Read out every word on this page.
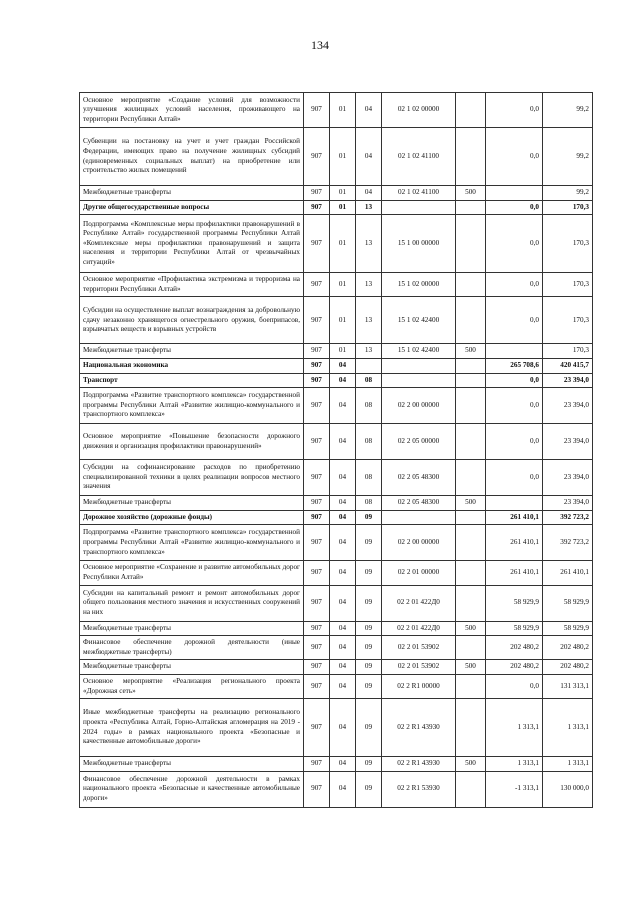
134
Основное мероприятие «Создание условий для возможности улучшения жилищных условий населения, проживающего на территории Республики Алтай»	907	01	04	02 1 02 00000		0,0	99,2
Субвенции на постановку на учет и учет граждан Российской Федерации, имеющих право на получение жилищных субсидий (единовременных социальных выплат) на приобретение или строительство жилых помещений	907	01	04	02 1 02 41100		0,0	99,2
Межбюджетные трансферты	907	01	04	02 1 02 41100	500		99,2
Другие общегосударственные вопросы	907	01	13			0,0	170,3
Подпрограмма «Комплексные меры профилактики правонарушений в Республике Алтай» государственной программы Республики Алтай «Комплексные меры профилактики правонарушений и защита населения и территории Республики Алтай от чрезвычайных ситуаций»	907	01	13	15 1 00 00000		0,0	170,3
Основное мероприятие «Профилактика экстремизма и терроризма на территории Республики Алтай»	907	01	13	15 1 02 00000		0,0	170,3
Субсидии на осуществление выплат вознаграждения за добровольную сдачу незаконно хранящегося огнестрельного оружия, боеприпасов, взрывчатых веществ и взрывных устройств	907	01	13	15 1 02 42400		0,0	170,3
Межбюджетные трансферты	907	01	13	15 1 02 42400	500		170,3
Национальная экономика	907	04				265 708,6	420 415,7
Транспорт	907	04	08			0,0	23 394,0
Подпрограмма «Развитие транспортного комплекса» государственной программы Республики Алтай «Развитие жилищно-коммунального и транспортного комплекса»	907	04	08	02 2 00 00000		0,0	23 394,0
Основное мероприятие «Повышение безопасности дорожного движения и организация профилактики правонарушений»	907	04	08	02 2 05 00000		0,0	23 394,0
Субсидии на софинансирование расходов по приобретению специализированной техники в целях реализации вопросов местного значения	907	04	08	02 2 05 48300		0,0	23 394,0
Межбюджетные трансферты	907	04	08	02 2 05 48300	500		23 394,0
Дорожное хозяйство (дорожные фонды)	907	04	09			261 410,1	392 723,2
Подпрограмма «Развитие транспортного комплекса» государственной программы Республики Алтай «Развитие жилищно-коммунального и транспортного комплекса»	907	04	09	02 2 00 00000		261 410,1	392 723,2
Основное мероприятие «Сохранение и развитие автомобильных дорог Республики Алтай»	907	04	09	02 2 01 00000		261 410,1	261 410,1
Субсидии на капитальный ремонт и ремонт автомобильных дорог общего пользования местного значения и искусственных сооружений на них	907	04	09	02 2 01 422Д0		58 929,9	58 929,9
Межбюджетные трансферты	907	04	09	02 2 01 422Д0	500	58 929,9	58 929,9
Финансовое обеспечение дорожной деятельности (иные межбюджетные трансферты)	907	04	09	02 2 01 53902		202 480,2	202 480,2
Межбюджетные трансферты	907	04	09	02 2 01 53902	500	202 480,2	202 480,2
Основное мероприятие «Реализация регионального проекта «Дорожная сеть»	907	04	09	02 2 R1 00000		0,0	131 313,1
Иные межбюджетные трансферты на реализацию регионального проекта «Республика Алтай, Горно-Алтайская агломерация на 2019 - 2024 годы» в рамках национального проекта «Безопасные и качественные автомобильные дороги»	907	04	09	02 2 R1 43930		1 313,1	1 313,1
Межбюджетные трансферты	907	04	09	02 2 R1 43930	500	1 313,1	1 313,1
Финансовое обеспечение дорожной деятельности в рамках национального проекта «Безопасные и качественные автомобильные дороги»	907	04	09	02 2 R1 53930		-1 313,1	130 000,0
